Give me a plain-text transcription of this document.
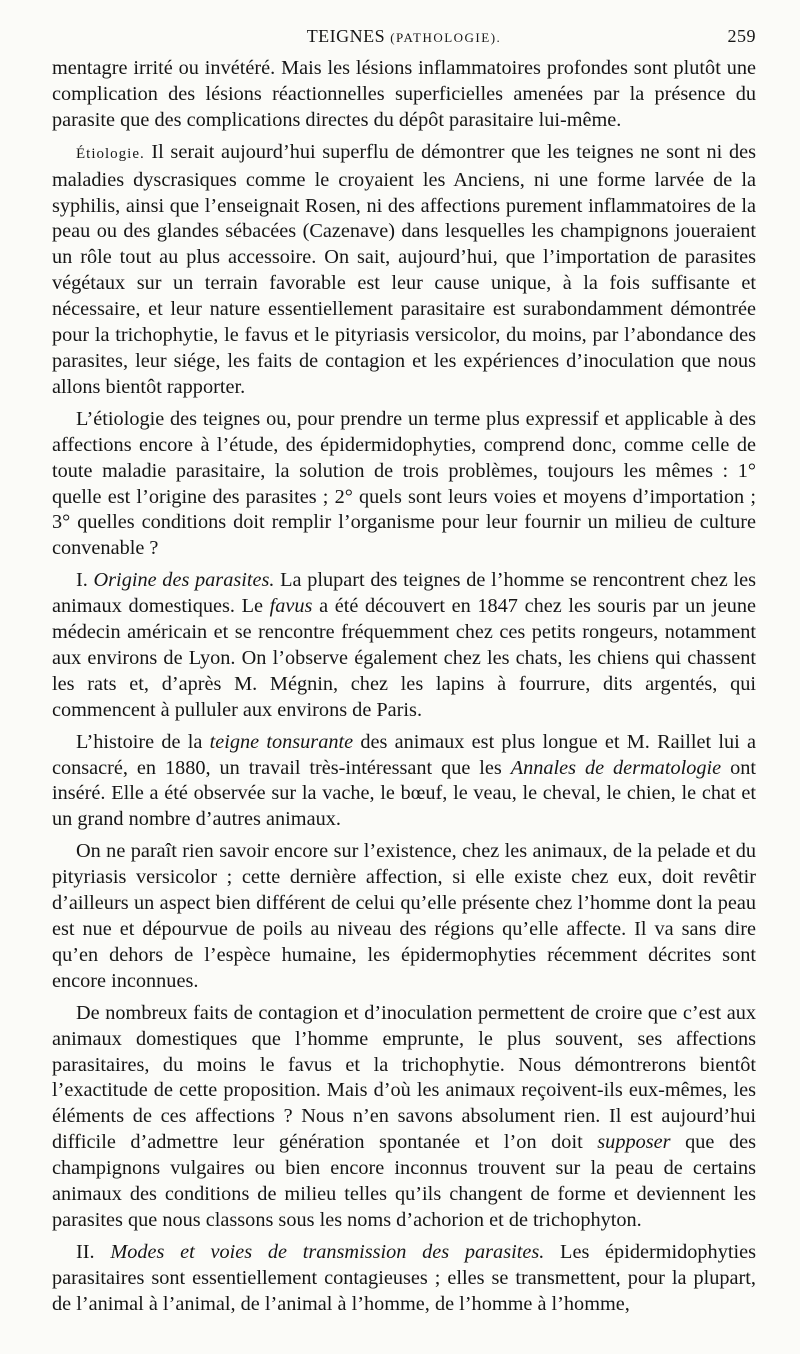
TEIGNES (PATHOLOGIE).	259

mentagre irrité ou invétéré. Mais les lésions inflammatoires profondes sont plutôt une complication des lésions réactionnelles superficielles amenées par la présence du parasite que des complications directes du dépôt parasitaire lui-même.

Étiologie. Il serait aujourd’hui superflu de démontrer que les teignes ne sont ni des maladies dyscrasiques comme le croyaient les Anciens, ni une forme larvée de la syphilis, ainsi que l’enseignait Rosen, ni des affections purement inflammatoires de la peau ou des glandes sébacées (Cazenave) dans lesquelles les champignons joueraient un rôle tout au plus accessoire. On sait, aujourd’hui, que l’importation de parasites végétaux sur un terrain favorable est leur cause unique, à la fois suffisante et nécessaire, et leur nature essentiellement parasitaire est surabondamment démontrée pour la trichophytie, le favus et le pityriasis versicolor, du moins, par l’abondance des parasites, leur siége, les faits de contagion et les expériences d’inoculation que nous allons bientôt rapporter.

L’étiologie des teignes ou, pour prendre un terme plus expressif et applicable à des affections encore à l’étude, des épidermidophyties, comprend donc, comme celle de toute maladie parasitaire, la solution de trois problèmes, toujours les mêmes : 1° quelle est l’origine des parasites ; 2° quels sont leurs voies et moyens d’importation ; 3° quelles conditions doit remplir l’organisme pour leur fournir un milieu de culture convenable ?

I. Origine des parasites. La plupart des teignes de l’homme se rencontrent chez les animaux domestiques. Le favus a été découvert en 1847 chez les souris par un jeune médecin américain et se rencontre fréquemment chez ces petits rongeurs, notamment aux environs de Lyon. On l’observe également chez les chats, les chiens qui chassent les rats et, d’après M. Mégnin, chez les lapins à fourrure, dits argentés, qui commencent à pulluler aux environs de Paris.

L’histoire de la teigne tonsurante des animaux est plus longue et M. Raillet lui a consacré, en 1880, un travail très-intéressant que les Annales de dermatologie ont inséré. Elle a été observée sur la vache, le bœuf, le veau, le cheval, le chien, le chat et un grand nombre d’autres animaux.

On ne paraît rien savoir encore sur l’existence, chez les animaux, de la pelade et du pityriasis versicolor ; cette dernière affection, si elle existe chez eux, doit revêtir d’ailleurs un aspect bien différent de celui qu’elle présente chez l’homme dont la peau est nue et dépourvue de poils au niveau des régions qu’elle affecte. Il va sans dire qu’en dehors de l’espèce humaine, les épidermophyties récemment décrites sont encore inconnues.

De nombreux faits de contagion et d’inoculation permettent de croire que c’est aux animaux domestiques que l’homme emprunte, le plus souvent, ses affections parasitaires, du moins le favus et la trichophytie. Nous démontrerons bientôt l’exactitude de cette proposition. Mais d’où les animaux reçoivent-ils eux-mêmes, les éléments de ces affections ? Nous n’en savons absolument rien. Il est aujourd’hui difficile d’admettre leur génération spontanée et l’on doit supposer que des champignons vulgaires ou bien encore inconnus trouvent sur la peau de certains animaux des conditions de milieu telles qu’ils changent de forme et deviennent les parasites que nous classons sous les noms d’achorion et de trichophyton.

II. Modes et voies de transmission des parasites. Les épidermidophyties parasitaires sont essentiellement contagieuses ; elles se transmettent, pour la plupart, de l’animal à l’animal, de l’animal à l’homme, de l’homme à l’homme,
